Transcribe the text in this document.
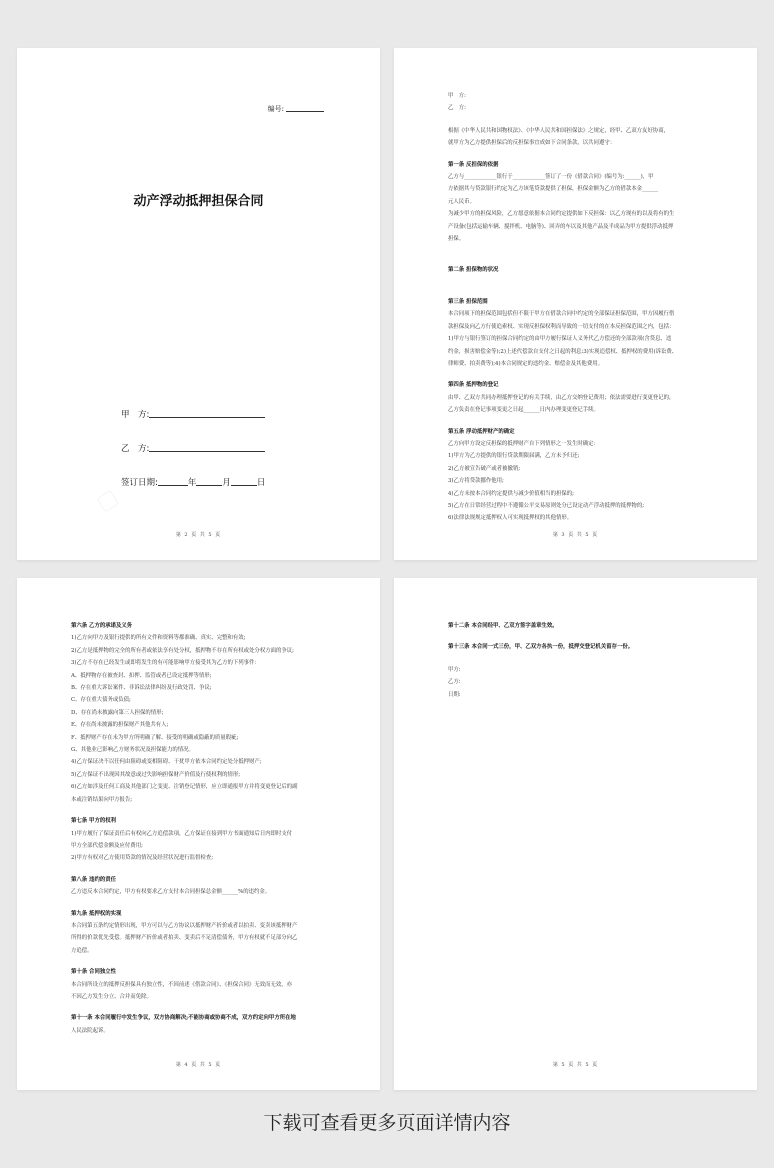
编号:
动产浮动抵押担保合同
甲　方:
乙　方:
签订日期:	年	月	日
第 2 页 共 5 页

甲　方:

乙　方:

根据《中华人民共和国物权法》、《中华人民共和国担保法》之规定，经甲、乙双方友好协商，

就甲方为乙方提供担保后的反担保事宜成如下合同条款，以共同遵守：

第一条 反担保的依据

乙方与____________银行于____________签订了一份《借款合同》(编号为:______)，甲

方依据其与贷款银行约定为乙方该笔贷款提供了担保，担保金额为乙方的借款本金______

元人民币。

为减少甲方的担保风险，乙方愿意依据本合同约定提供如下反担保：以乙方现有的以及将有的生

产设备(包括运输车辆、搅拌机、电脑等)、回弄的车以及其他产品及半成品为甲方提供浮动抵押

担保。

第二条 担保物的状况

第三条 担保范围

本合同项下的担保范围包括但不限于甲方在借款合同中约定的全部保证担保范围，甲方因履行借

款担保及向乙方行使追索权、实现反担保权利而导致的一切支付的在本反担保范围之内，包括：

1)甲方与银行签订的担保合同约定的由甲方履行保证人义务代乙方偿还的全部款项(含贷息、违

约金，损害赔偿金等);2)上述代偿款自支付之日起的利息;3)实现追偿权、抵押权的费用(诉讼费、

律师费、拍卖费等);4)本合同规定的违约金、赔偿金及其他费用。

第四条 抵押物的登记

由甲、乙双方共同办理抵押登记的有关手续，由乙方交纳登记费用；依法需要进行变更登记的，

乙方负责在登记事项变更之日起______日内办理变更登记手续。

第五条 浮动抵押财产的确定

乙方向甲方设定反担保的抵押财产自下列情形之一发生时确定：

1)甲方为乙方提供的银行贷款期限届满，乙方未予归还;

2)乙方被宣告破产或者被撤销;

3)乙方将贷款挪作他用;

4)乙方未按本合同约定提供与减少价值相当的担保的;

5)乙方在日常经营过程中不遵循公平交易原则处分已设定动产浮动抵押的抵押物的;

6)法律法规规定抵押权人可实现抵押权的其他情形。

第 3 页 共 5 页

第六条 乙方的承诺及义务

1)乙方向甲方及银行提供的所有文件和资料等都准确、真实、完整和有效;

2)乙方是抵押物的完全的所有者或依法享有处分权，抵押物不存在所有权或处分权方面的争议;

3)乙方不存在已经发生或即将发生的有可能影响甲方接受其为乙方的下列事件：

A、抵押物存在被查封、扣押、监管或者已设定抵押等情形;

B、存在重大诉讼案件、非诉讼法律纠纷及行政处罚、争议;

C、存在重大债务或负债;

D、存在尚未披露向第三人担保的情形;

E、存在尚未披露的担保财产其他共有人;

F、抵押财产存在未为甲方所明确了解、接受的明确或隐蔽的质量瑕疵;

G、其他业已影响乙方财务状况及担保能力的情况。

4)乙方保证决不以任何由阻碍或变相阻碍、干扰甲方依本合同约定处分抵押财产;

5)乙方保证不出现因其故意或过失影响担保财产价值及行使权利的情形;

6)乙方如涉及任何工商及其他部门之变更、注销登记情形，应立即通报甲方并将变更登记后的副

本或注销结果向甲方报告;

第七条 甲方的权利

1)甲方履行了保证责任后有权向乙方追偿款项，乙方保证在接到甲方书面通知后日内即时支付

甲方全部代偿金额及应付费用;

2)甲方有权对乙方使用贷款的情况及经营状况进行监督检查;

第八条 违约的责任

乙方违反本合同约定，甲方有权要求乙方支付本合同担保总金额______%的违约金。

第九条 抵押权的实现

本合同第五条约定情形出现，甲方可以与乙方协议以抵押财产折价或者以拍卖、变卖该抵押财产

所得的价款优先受偿。抵押财产折价或者拍卖、变卖后不足清偿债务，甲方有权就不足部分向乙

方追偿。

第十条 合同独立性

本合同所设立的抵押反担保具有独立性，不因前述《借款合同》、《担保合同》无效而无效，亦

不因乙方发生分立、合并而免除。

第十一条 本合同履行中发生争议，双方协商解决;不能协商或协商不成，双方约定向甲方所在地

人民法院起诉。

第 4 页 共 5 页

第十二条 本合同经甲、乙双方签字盖章生效。

第十三条 本合同一式三份，甲、乙双方各执一份，抵押交登记机关留存一份。

甲方:

乙方:

日期:

第 5 页 共 5 页
下载可查看更多页面详情内容
